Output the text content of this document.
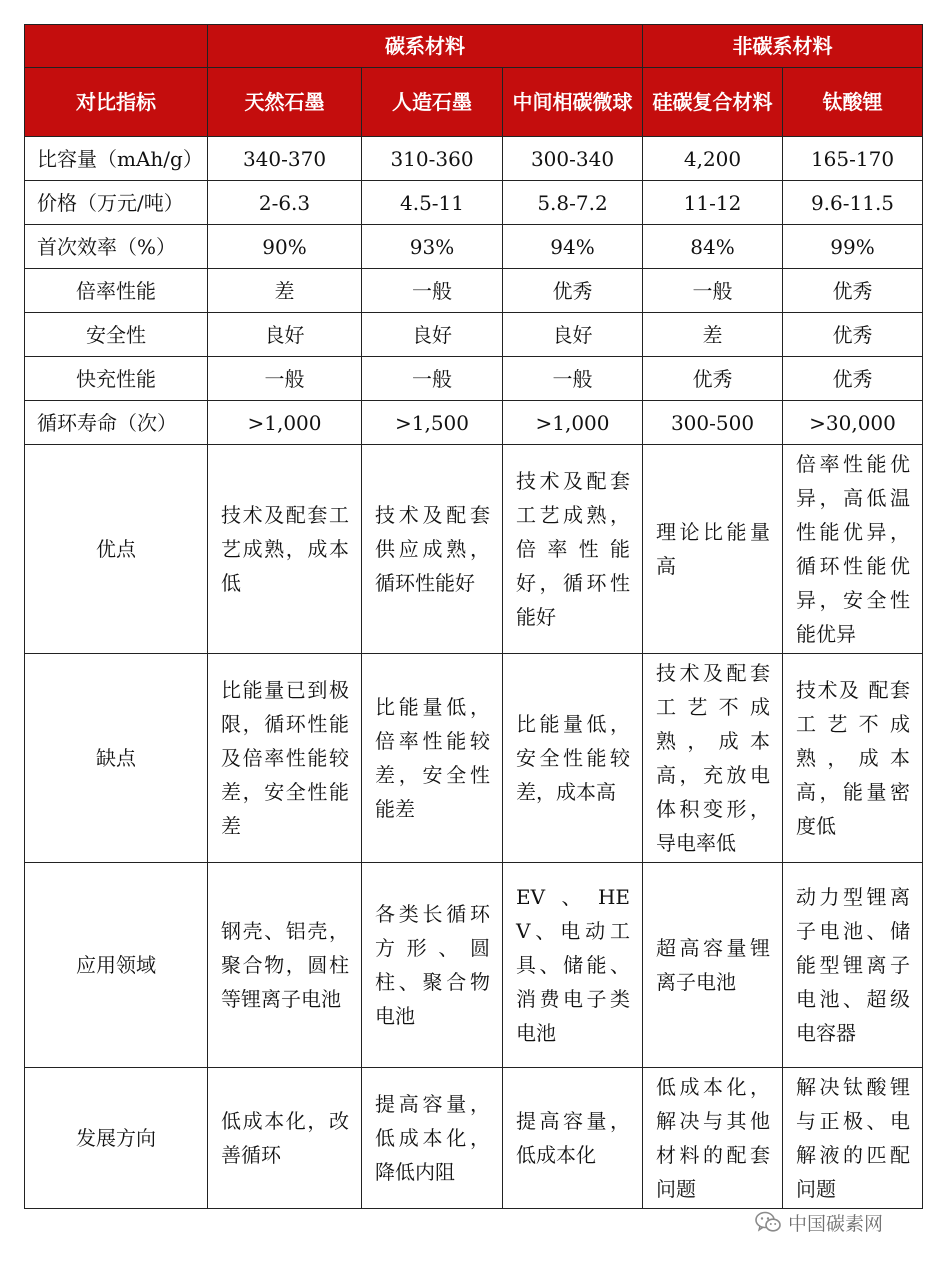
	碳系材料			非碳系材料	
对比指标	天然石墨	人造石墨	中间相碳微球	硅碳复合材料	钛酸锂
比容量（mAh/g）	340-370	310-360	300-340	4,200	165-170
价格（万元/吨）	2-6.3	4.5-11	5.8-7.2	11-12	9.6-11.5
首次效率（%）	90%	93%	94%	84%	99%
倍率性能	差	一般	优秀	一般	优秀
安全性	良好	良好	良好	差	优秀
快充性能	一般	一般	一般	优秀	优秀
循环寿命（次）	>1,000	>1,500	>1,000	300-500	>30,000
优点	技术及配套工艺成熟，成本低	技术及配套供应成熟，循环性能好	技术及配套工艺成熟，倍率性能好，循环性能好	理论比能量高	倍率性能优异，高低温性能优异，循环性能优异，安全性能优异
缺点	比能量已到极限，循环性能及倍率性能较差，安全性能差	比能量低，倍率性能较差，安全性能差	比能量低，安全性能较差，成本高	技术及配套工艺不成熟，成本高，充放电体积变形，导电率低	技术及 配套工艺不成熟，成本高，能量密度低
应用领域	钢壳、铝壳，聚合物，圆柱等锂离子电池	各类长循环方形、圆柱、聚合物电池	EV、HEV、电动工具、储能、消费电子类电池	超高容量锂离子电池	动力型锂离子电池、储能型锂离子电池、超级电容器
发展方向	低成本化，改善循环	提高容量，低成本化，降低内阻	提高容量，低成本化	低成本化，解决与其他材料的配套问题	解决钛酸锂与正极、电解液的匹配问题
中国碳素网
